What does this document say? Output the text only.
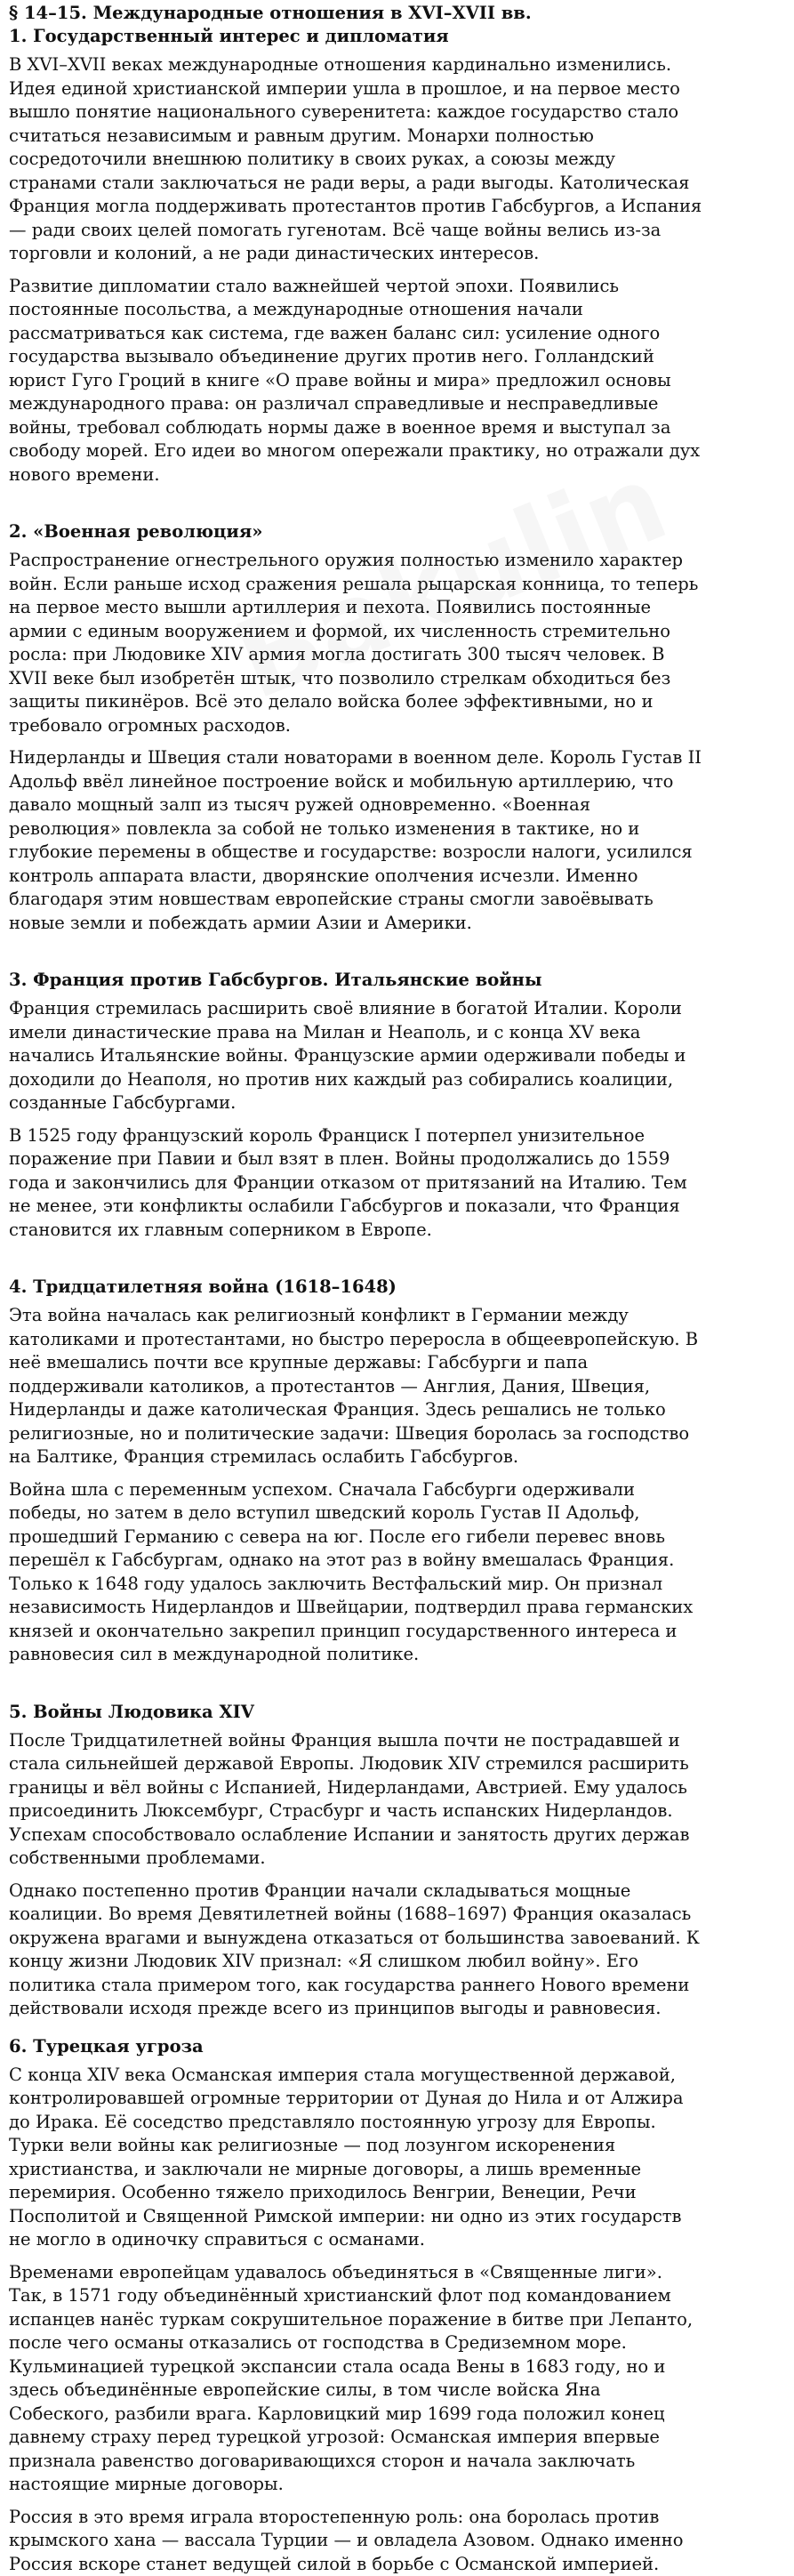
§ 14–15. Международные отношения в XVI–XVII вв.
1. Государственный интерес и дипломатия

В XVI–XVII веках международные отношения кардинально изменились. Идея единой христианской империи ушла в прошлое, и на первое место вышло понятие национального суверенитета: каждое государство стало считаться независимым и равным другим. Монархи полностью сосредоточили внешнюю политику в своих руках, а союзы между странами стали заключаться не ради веры, а ради выгоды. Католическая Франция могла поддерживать протестантов против Габсбургов, а Испания — ради своих целей помогать гугенотам. Всё чаще войны велись из-за торговли и колоний, а не ради династических интересов.

Развитие дипломатии стало важнейшей чертой эпохи. Появились постоянные посольства, а международные отношения начали рассматриваться как система, где важен баланс сил: усиление одного государства вызывало объединение других против него. Голландский юрист Гуго Гроций в книге «О праве войны и мира» предложил основы международного права: он различал справедливые и несправедливые войны, требовал соблюдать нормы даже в военное время и выступал за свободу морей. Его идеи во многом опережали практику, но отражали дух нового времени.

2. «Военная революция»

Распространение огнестрельного оружия полностью изменило характер войн. Если раньше исход сражения решала рыцарская конница, то теперь на первое место вышли артиллерия и пехота. Появились постоянные армии с единым вооружением и формой, их численность стремительно росла: при Людовике XIV армия могла достигать 300 тысяч человек. В XVII веке был изобретён штык, что позволило стрелкам обходиться без защиты пикинёров. Всё это делало войска более эффективными, но и требовало огромных расходов.

Нидерланды и Швеция стали новаторами в военном деле. Король Густав II Адольф ввёл линейное построение войск и мобильную артиллерию, что давало мощный залп из тысяч ружей одновременно. «Военная революция» повлекла за собой не только изменения в тактике, но и глубокие перемены в обществе и государстве: возросли налоги, усилился контроль аппарата власти, дворянские ополчения исчезли. Именно благодаря этим новшествам европейские страны смогли завоёвывать новые земли и побеждать армии Азии и Америки.

3. Франция против Габсбургов. Итальянские войны

Франция стремилась расширить своё влияние в богатой Италии. Короли имели династические права на Милан и Неаполь, и с конца XV века начались Итальянские войны. Французские армии одерживали победы и доходили до Неаполя, но против них каждый раз собирались коалиции, созданные Габсбургами.

В 1525 году французский король Франциск I потерпел унизительное поражение при Павии и был взят в плен. Войны продолжались до 1559 года и закончились для Франции отказом от притязаний на Италию. Тем не менее, эти конфликты ослабили Габсбургов и показали, что Франция становится их главным соперником в Европе.

4. Тридцатилетняя война (1618–1648)

Эта война началась как религиозный конфликт в Германии между католиками и протестантами, но быстро переросла в общеевропейскую. В неё вмешались почти все крупные державы: Габсбурги и папа поддерживали католиков, а протестантов — Англия, Дания, Швеция, Нидерланды и даже католическая Франция. Здесь решались не только религиозные, но и политические задачи: Швеция боролась за господство на Балтике, Франция стремилась ослабить Габсбургов.

Война шла с переменным успехом. Сначала Габсбурги одерживали победы, но затем в дело вступил шведский король Густав II Адольф, прошедший Германию с севера на юг. После его гибели перевес вновь перешёл к Габсбургам, однако на этот раз в войну вмешалась Франция. Только к 1648 году удалось заключить Вестфальский мир. Он признал независимость Нидерландов и Швейцарии, подтвердил права германских князей и окончательно закрепил принцип государственного интереса и равновесия сил в международной политике.

5. Войны Людовика XIV

После Тридцатилетней войны Франция вышла почти не пострадавшей и стала сильнейшей державой Европы. Людовик XIV стремился расширить границы и вёл войны с Испанией, Нидерландами, Австрией. Ему удалось присоединить Люксембург, Страсбург и часть испанских Нидерландов. Успехам способствовало ослабление Испании и занятость других держав собственными проблемами.

Однако постепенно против Франции начали складываться мощные коалиции. Во время Девятилетней войны (1688–1697) Франция оказалась окружена врагами и вынуждена отказаться от большинства завоеваний. К концу жизни Людовик XIV признал: «Я слишком любил войну». Его политика стала примером того, как государства раннего Нового времени действовали исходя прежде всего из принципов выгоды и равновесия.

6. Турецкая угроза

С конца XIV века Османская империя стала могущественной державой, контролировавшей огромные территории от Дуная до Нила и от Алжира до Ирака. Её соседство представляло постоянную угрозу для Европы. Турки вели войны как религиозные — под лозунгом искоренения христианства, и заключали не мирные договоры, а лишь временные перемирия. Особенно тяжело приходилось Венгрии, Венеции, Речи Посполитой и Священной Римской империи: ни одно из этих государств не могло в одиночку справиться с османами.

Временами европейцам удавалось объединяться в «Священные лиги». Так, в 1571 году объединённый христианский флот под командованием испанцев нанёс туркам сокрушительное поражение в битве при Лепанто, после чего османы отказались от господства в Средиземном море. Кульминацией турецкой экспансии стала осада Вены в 1683 году, но и здесь объединённые европейские силы, в том числе войска Яна Собеского, разбили врага. Карловицкий мир 1699 года положил конец давнему страху перед турецкой угрозой: Османская империя впервые признала равенство договаривающихся сторон и начала заключать настоящие мирные договоры.

Россия в это время играла второстепенную роль: она боролась против крымского хана — вассала Турции — и овладела Азовом. Однако именно Россия вскоре станет ведущей силой в борьбе с Османской империей.
